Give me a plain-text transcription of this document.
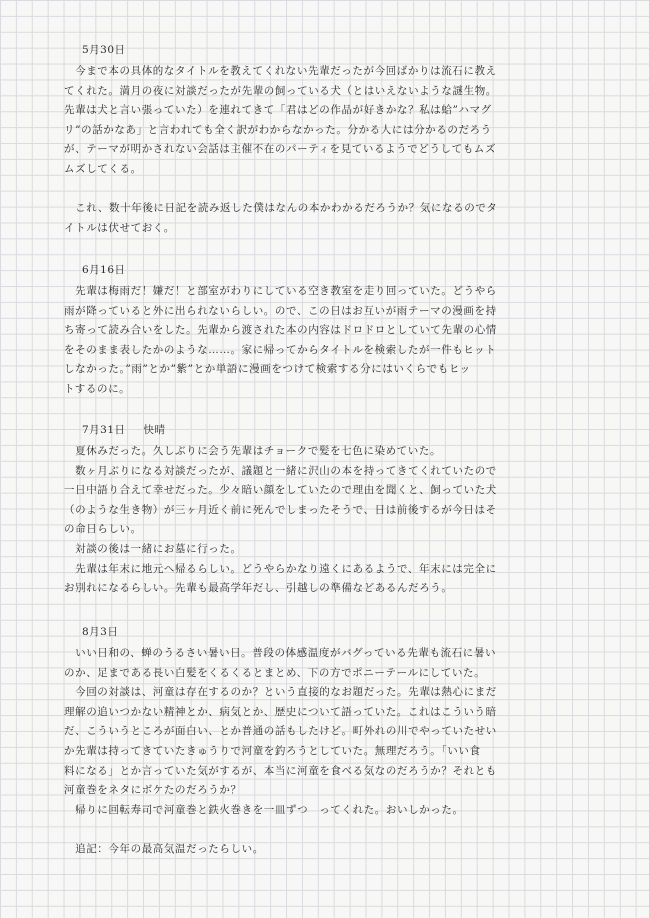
5月30日

　今まで本の具体的なタイトルを教えてくれない先輩だったが今回ばかりは流石に教え

てくれた。満月の夜に対談だったが先輩の飼っている犬（とはいえないような謎生物。

先輩は犬と言い張っていた）を連れてきて「君はどの作品が好きかな？私は蛤”ハマグ

リ”の話かなあ」と言われても全く訳がわからなかった。分かる人には分かるのだろう

が、テーマが明かされない会話は主催不在のパーティを見ているようでどうしてもムズ

ムズしてくる。

　これ、数十年後に日記を読み返した僕はなんの本かわかるだろうか？気になるのでタ

イトルは伏せておく。

6月16日

　先輩は梅雨だ！嫌だ！と部室がわりにしている空き教室を走り回っていた。どうやら

雨が降っていると外に出られないらしい。ので、この日はお互いが雨テーマの漫画を持

ち寄って読み合いをした。先輩から渡された本の内容はドロドロとしていて先輩の心情

をそのまま表したかのような……。家に帰ってからタイトルを検索したが一件もヒット

しなかった。”雨”とか”紫”とか単語に漫画をつけて検索する分にはいくらでもヒッ

トするのに。

7月31日 快晴

　夏休みだった。久しぶりに会う先輩はチョークで髪を七色に染めていた。

　数ヶ月ぶりになる対談だったが、議題と一緒に沢山の本を持ってきてくれていたので

一日中語り合えて幸せだった。少々暗い顔をしていたので理由を聞くと、飼っていた犬

（のような生き物）が三ヶ月近く前に死んでしまったそうで、日は前後するが今日はそ

の命日らしい。

　対談の後は一緒にお墓に行った。

　先輩は年末に地元へ帰るらしい。どうやらかなり遠くにあるようで、年末には完全に

お別れになるらしい。先輩も最高学年だし、引越しの準備などあるんだろう。

8月3日

　いい日和の、蝉のうるさい暑い日。普段の体感温度がバグっている先輩も流石に暑い

のか、足まである長い白髪をくるくるとまとめ、下の方でポニーテールにしていた。

　今回の対談は、河童は存在するのか？という直接的なお題だった。先輩は熱心にまだ

理解の追いつかない精神とか、病気とか、歴史について語っていた。これはこういう暗

だ、こういうところが面白い、とか普通の話もしたけど。町外れの川でやっていたせい

か先輩は持ってきていたきゅうりで河童を釣ろうとしていた。無理だろう。「いい食

料になる」とか言っていた気がするが、本当に河童を食べる気なのだろうか？それとも

河童巻をネタにボケたのだろうか？

　帰りに回転寿司で河童巻と鉄火巻きを一皿ずつ　ってくれた。おいしかった。

　追記：今年の最高気温だったらしい。
